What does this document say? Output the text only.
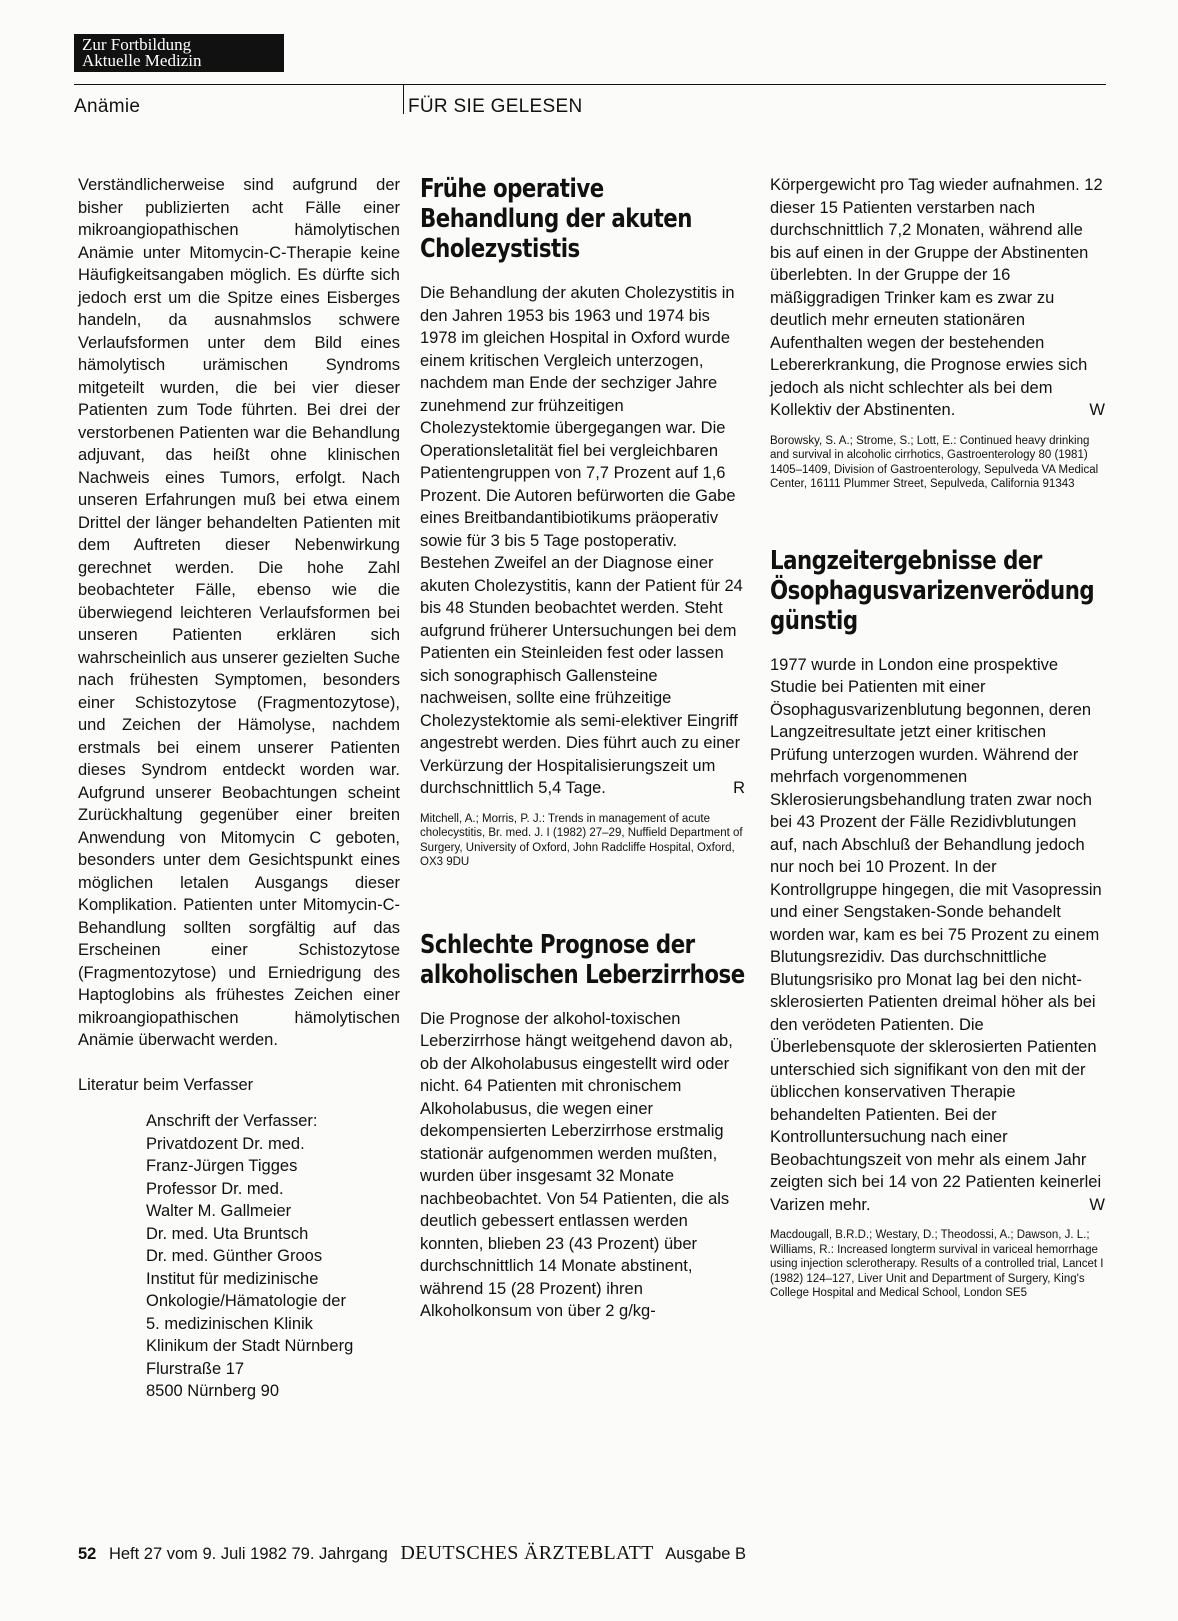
Zur Fortbildung
Aktuelle Medizin
Anämie	FÜR SIE GELESEN

Verständlicherweise sind aufgrund der bisher publizierten acht Fälle einer mikroangiopathischen hämolytischen Anämie unter Mitomycin-C-Therapie keine Häufigkeitsangaben möglich. Es dürfte sich jedoch erst um die Spitze eines Eisberges handeln, da ausnahmslos schwere Verlaufsformen unter dem Bild eines hämolytisch urämischen Syndroms mitgeteilt wurden, die bei vier dieser Patienten zum Tode führten. Bei drei der verstorbenen Patienten war die Behandlung adjuvant, das heißt ohne klinischen Nachweis eines Tumors, erfolgt. Nach unseren Erfahrungen muß bei etwa einem Drittel der länger behandelten Patienten mit dem Auftreten dieser Nebenwirkung gerechnet werden. Die hohe Zahl beobachteter Fälle, ebenso wie die überwiegend leichteren Verlaufsformen bei unseren Patienten erklären sich wahrscheinlich aus unserer gezielten Suche nach frühesten Symptomen, besonders einer Schistozytose (Fragmentozytose), und Zeichen der Hämolyse, nachdem erstmals bei einem unserer Patienten dieses Syndrom entdeckt worden war. Aufgrund unserer Beobachtungen scheint Zurückhaltung gegenüber einer breiten Anwendung von Mitomycin C geboten, besonders unter dem Gesichtspunkt eines möglichen letalen Ausgangs dieser Komplikation. Patienten unter Mitomycin-C-Behandlung sollten sorgfältig auf das Erscheinen einer Schistozytose (Fragmentozytose) und Erniedrigung des Haptoglobins als frühestes Zeichen einer mikroangiopathischen hämolytischen Anämie überwacht werden.

Literatur beim Verfasser

Anschrift der Verfasser:
Privatdozent Dr. med.
Franz-Jürgen Tigges
Professor Dr. med.
Walter M. Gallmeier
Dr. med. Uta Bruntsch
Dr. med. Günther Groos
Institut für medizinische
Onkologie/Hämatologie der
5. medizinischen Klinik
Klinikum der Stadt Nürnberg
Flurstraße 17
8500 Nürnberg 90
Frühe operative Behandlung der akuten Cholezystistis

Die Behandlung der akuten Cholezystitis in den Jahren 1953 bis 1963 und 1974 bis 1978 im gleichen Hospital in Oxford wurde einem kritischen Vergleich unterzogen, nachdem man Ende der sechziger Jahre zunehmend zur frühzeitigen Cholezystektomie übergegangen war. Die Operationsletalität fiel bei vergleichbaren Patientengruppen von 7,7 Prozent auf 1,6 Prozent. Die Autoren befürworten die Gabe eines Breitbandantibiotikums präoperativ sowie für 3 bis 5 Tage postoperativ. Bestehen Zweifel an der Diagnose einer akuten Cholezystitis, kann der Patient für 24 bis 48 Stunden beobachtet werden. Steht aufgrund früherer Untersuchungen bei dem Patienten ein Steinleiden fest oder lassen sich sonographisch Gallensteine nachweisen, sollte eine frühzeitige Cholezystektomie als semi-elektiver Eingriff angestrebt werden. Dies führt auch zu einer Verkürzung der Hospitalisierungszeit um durchschnittlich 5,4 Tage.	R

Mitchell, A.; Morris, P. J.: Trends in management of acute cholecystitis, Br. med. J. I (1982) 27–29, Nuffield Department of Surgery, University of Oxford, John Radcliffe Hospital, Oxford, OX3 9DU

Schlechte Prognose der alkoholischen Leberzirrhose

Die Prognose der alkohol-toxischen Leberzirrhose hängt weitgehend davon ab, ob der Alkoholabusus eingestellt wird oder nicht. 64 Patienten mit chronischem Alkoholabusus, die wegen einer dekompensierten Leberzirrhose erstmalig stationär aufgenommen werden mußten, wurden über insgesamt 32 Monate nachbeobachtet. Von 54 Patienten, die als deutlich gebessert entlassen werden konnten, blieben 23 (43 Prozent) über durchschnittlich 14 Monate abstinent, während 15 (28 Prozent) ihren Alkoholkonsum von über 2 g/kg-

Körpergewicht pro Tag wieder aufnahmen. 12 dieser 15 Patienten verstarben nach durchschnittlich 7,2 Monaten, während alle bis auf einen in der Gruppe der Abstinenten überlebten. In der Gruppe der 16 mäßiggradigen Trinker kam es zwar zu deutlich mehr erneuten stationären Aufenthalten wegen der bestehenden Lebererkrankung, die Prognose erwies sich jedoch als nicht schlechter als bei dem Kollektiv der Abstinenten.	W

Borowsky, S. A.; Strome, S.; Lott, E.: Continued heavy drinking and survival in alcoholic cirrhotics, Gastroenterology 80 (1981) 1405–1409, Division of Gastroenterology, Sepulveda VA Medical Center, 16111 Plummer Street, Sepulveda, California 91343

Langzeitergebnisse der Ösophagusvarizenverödung günstig

1977 wurde in London eine prospektive Studie bei Patienten mit einer Ösophagusvarizenblutung begonnen, deren Langzeitresultate jetzt einer kritischen Prüfung unterzogen wurden. Während der mehrfach vorgenommenen Sklerosierungsbehandlung traten zwar noch bei 43 Prozent der Fälle Rezidivblutungen auf, nach Abschluß der Behandlung jedoch nur noch bei 10 Prozent. In der Kontrollgruppe hingegen, die mit Vasopressin und einer Sengstaken-Sonde behandelt worden war, kam es bei 75 Prozent zu einem Blutungsrezidiv. Das durchschnittliche Blutungsrisiko pro Monat lag bei den nicht-sklerosierten Patienten dreimal höher als bei den verödeten Patienten. Die Überlebensquote der sklerosierten Patienten unterschied sich signifikant von den mit der üblicchen konservativen Therapie behandelten Patienten. Bei der Kontrolluntersuchung nach einer Beobachtungszeit von mehr als einem Jahr zeigten sich bei 14 von 22 Patienten keinerlei Varizen mehr.	W

Macdougall, B.R.D.; Westary, D.; Theodossi, A.; Dawson, J. L.; Williams, R.: Increased longterm survival in variceal hemorrhage using injection sclerotherapy. Results of a controlled trial, Lancet I (1982) 124–127, Liver Unit and Department of Surgery, King's College Hospital and Medical School, London SE5

52 Heft 27 vom 9. Juli 1982 79. Jahrgang DEUTSCHES ÄRZTEBLATT Ausgabe B
